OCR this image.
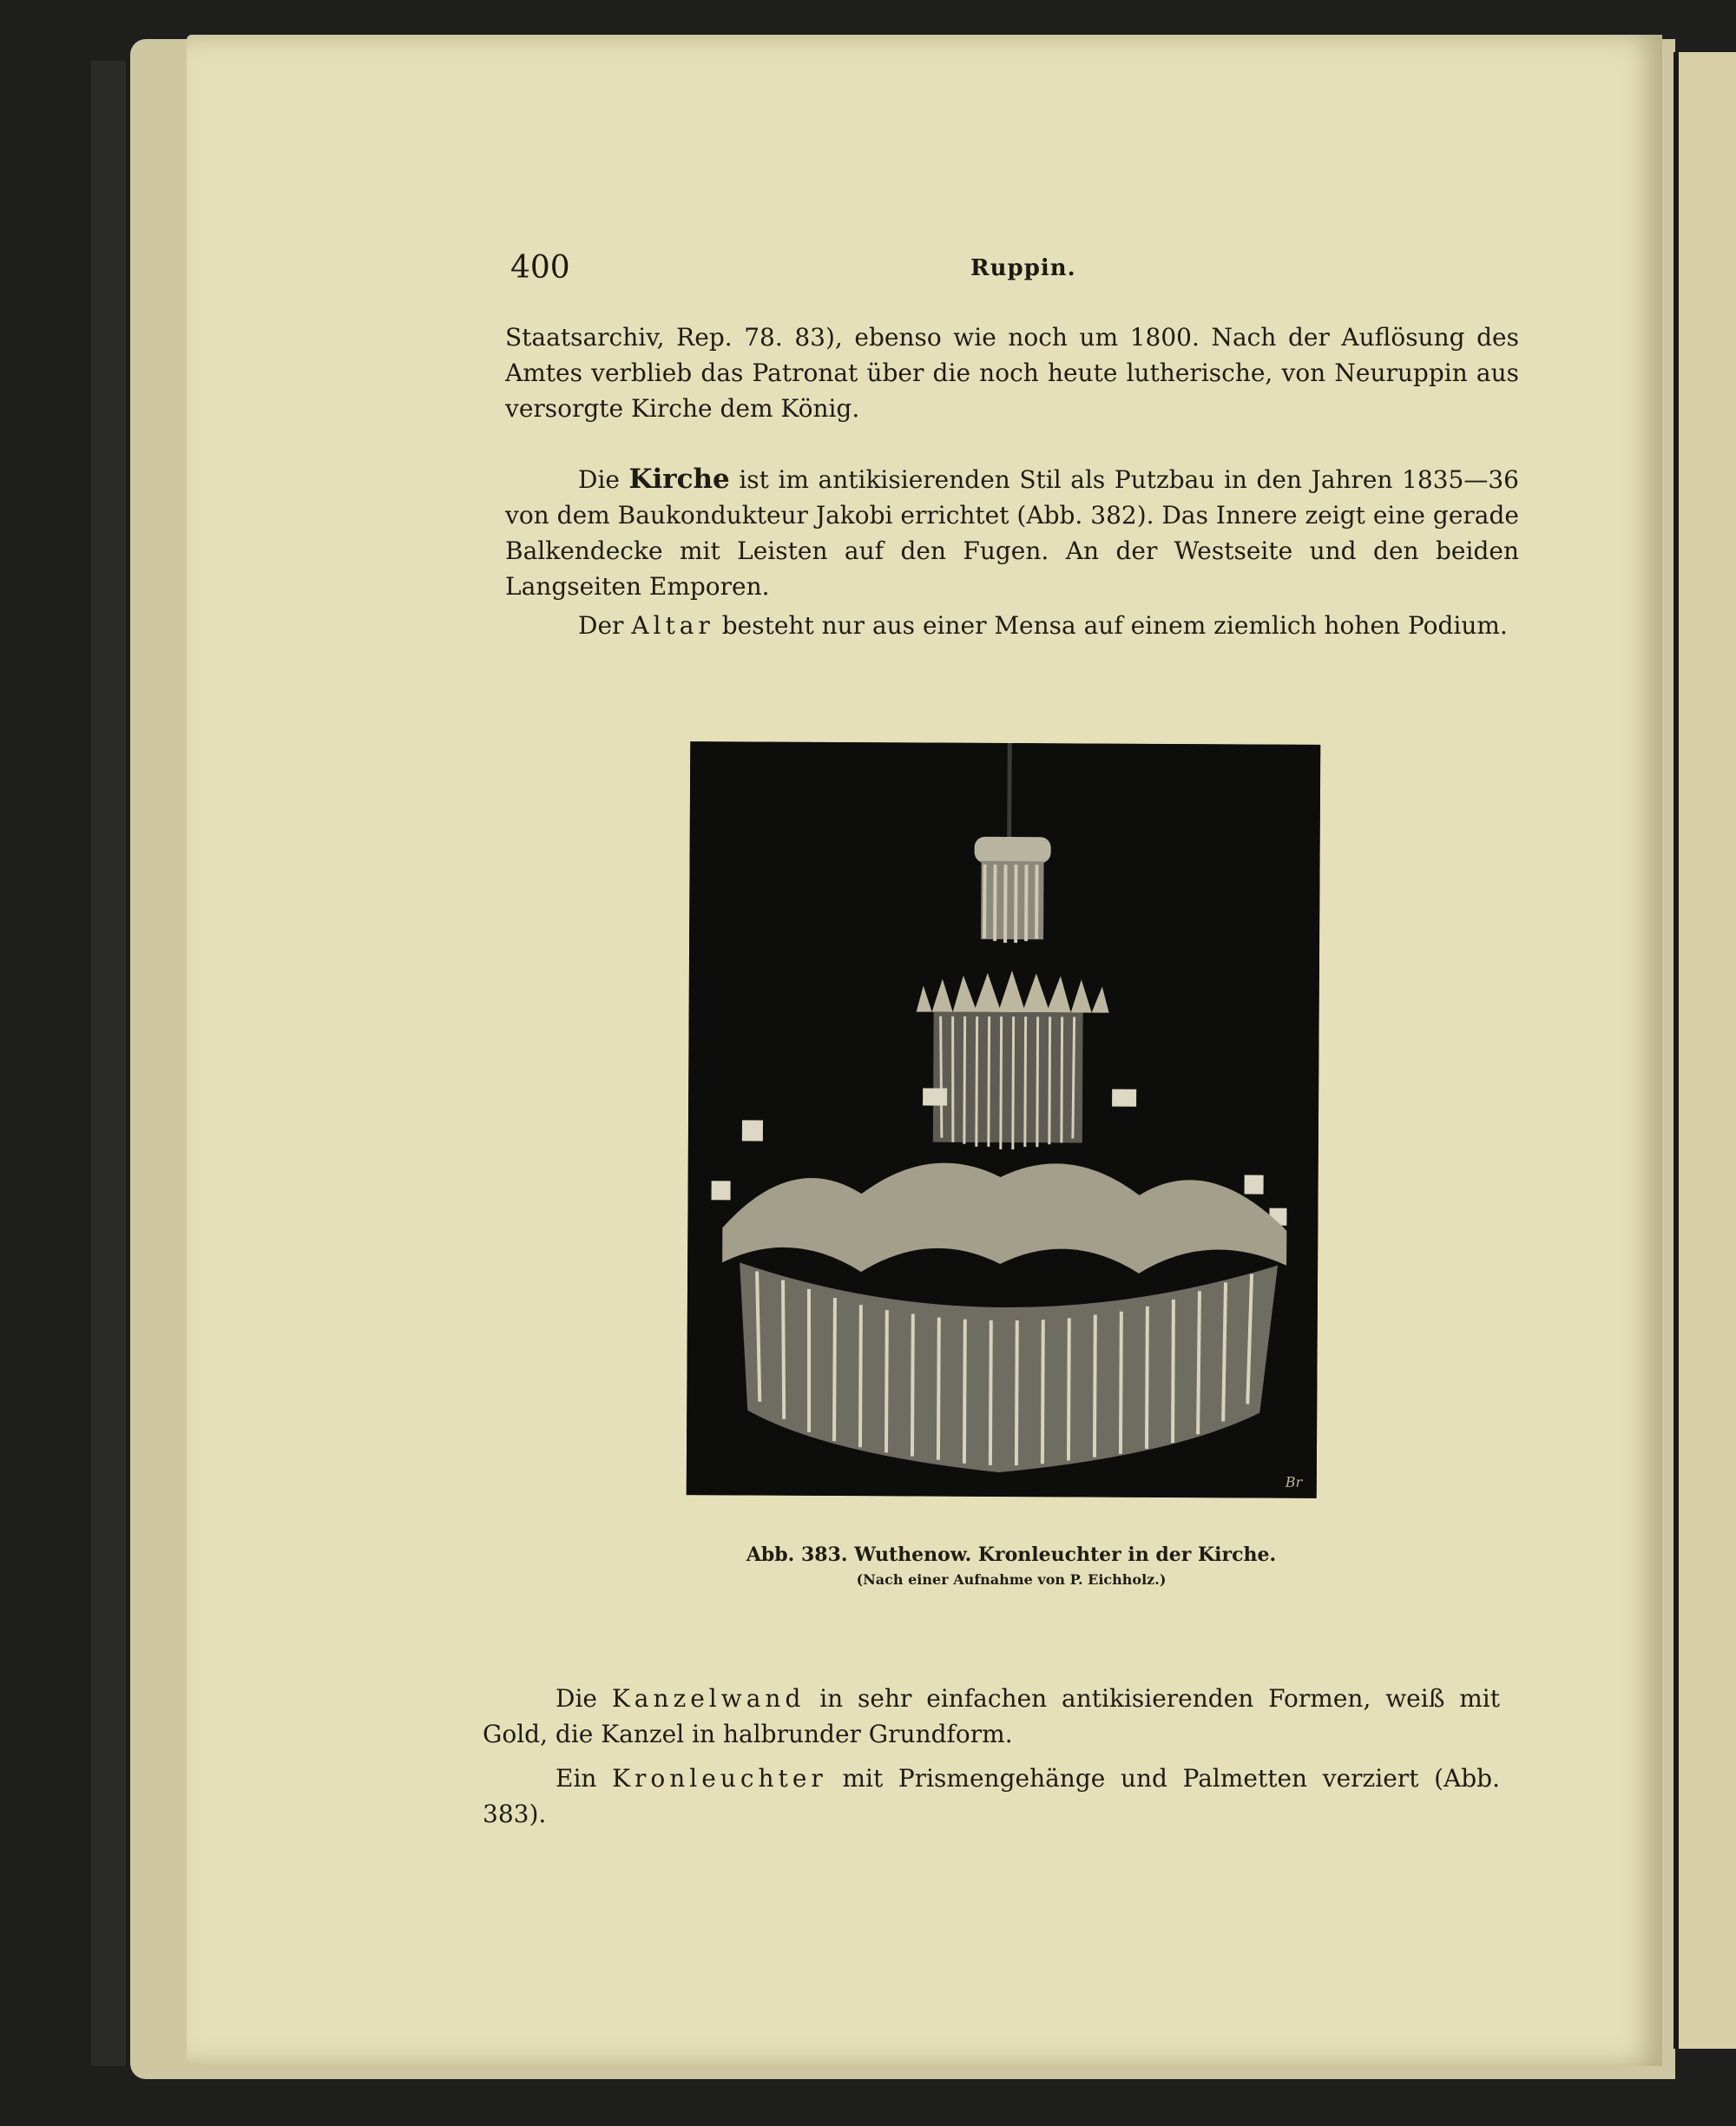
400	Ruppin.
Staatsarchiv, Rep. 78. 83), ebenso wie noch um 1800. Nach der Auflösung des Amtes verblieb das Patronat über die noch heute lutherische, von Neuruppin aus versorgte Kirche dem König.
Die Kirche ist im antikisierenden Stil als Putzbau in den Jahren 1835—36 von dem Baukondukteur Jakobi errichtet (Abb. 382). Das Innere zeigt eine gerade Balkendecke mit Leisten auf den Fugen. An der Westseite und den beiden Langseiten Emporen.
Der Altar besteht nur aus einer Mensa auf einem ziemlich hohen Podium.
Br
Abb. 383. Wuthenow. Kronleuchter in der Kirche.
(Nach einer Aufnahme von P. Eichholz.)
Die Kanzelwand in sehr einfachen antikisierenden Formen, weiß mit Gold, die Kanzel in halbrunder Grundform.
Ein Kronleuchter mit Prismengehänge und Palmetten verziert (Abb. 383).
